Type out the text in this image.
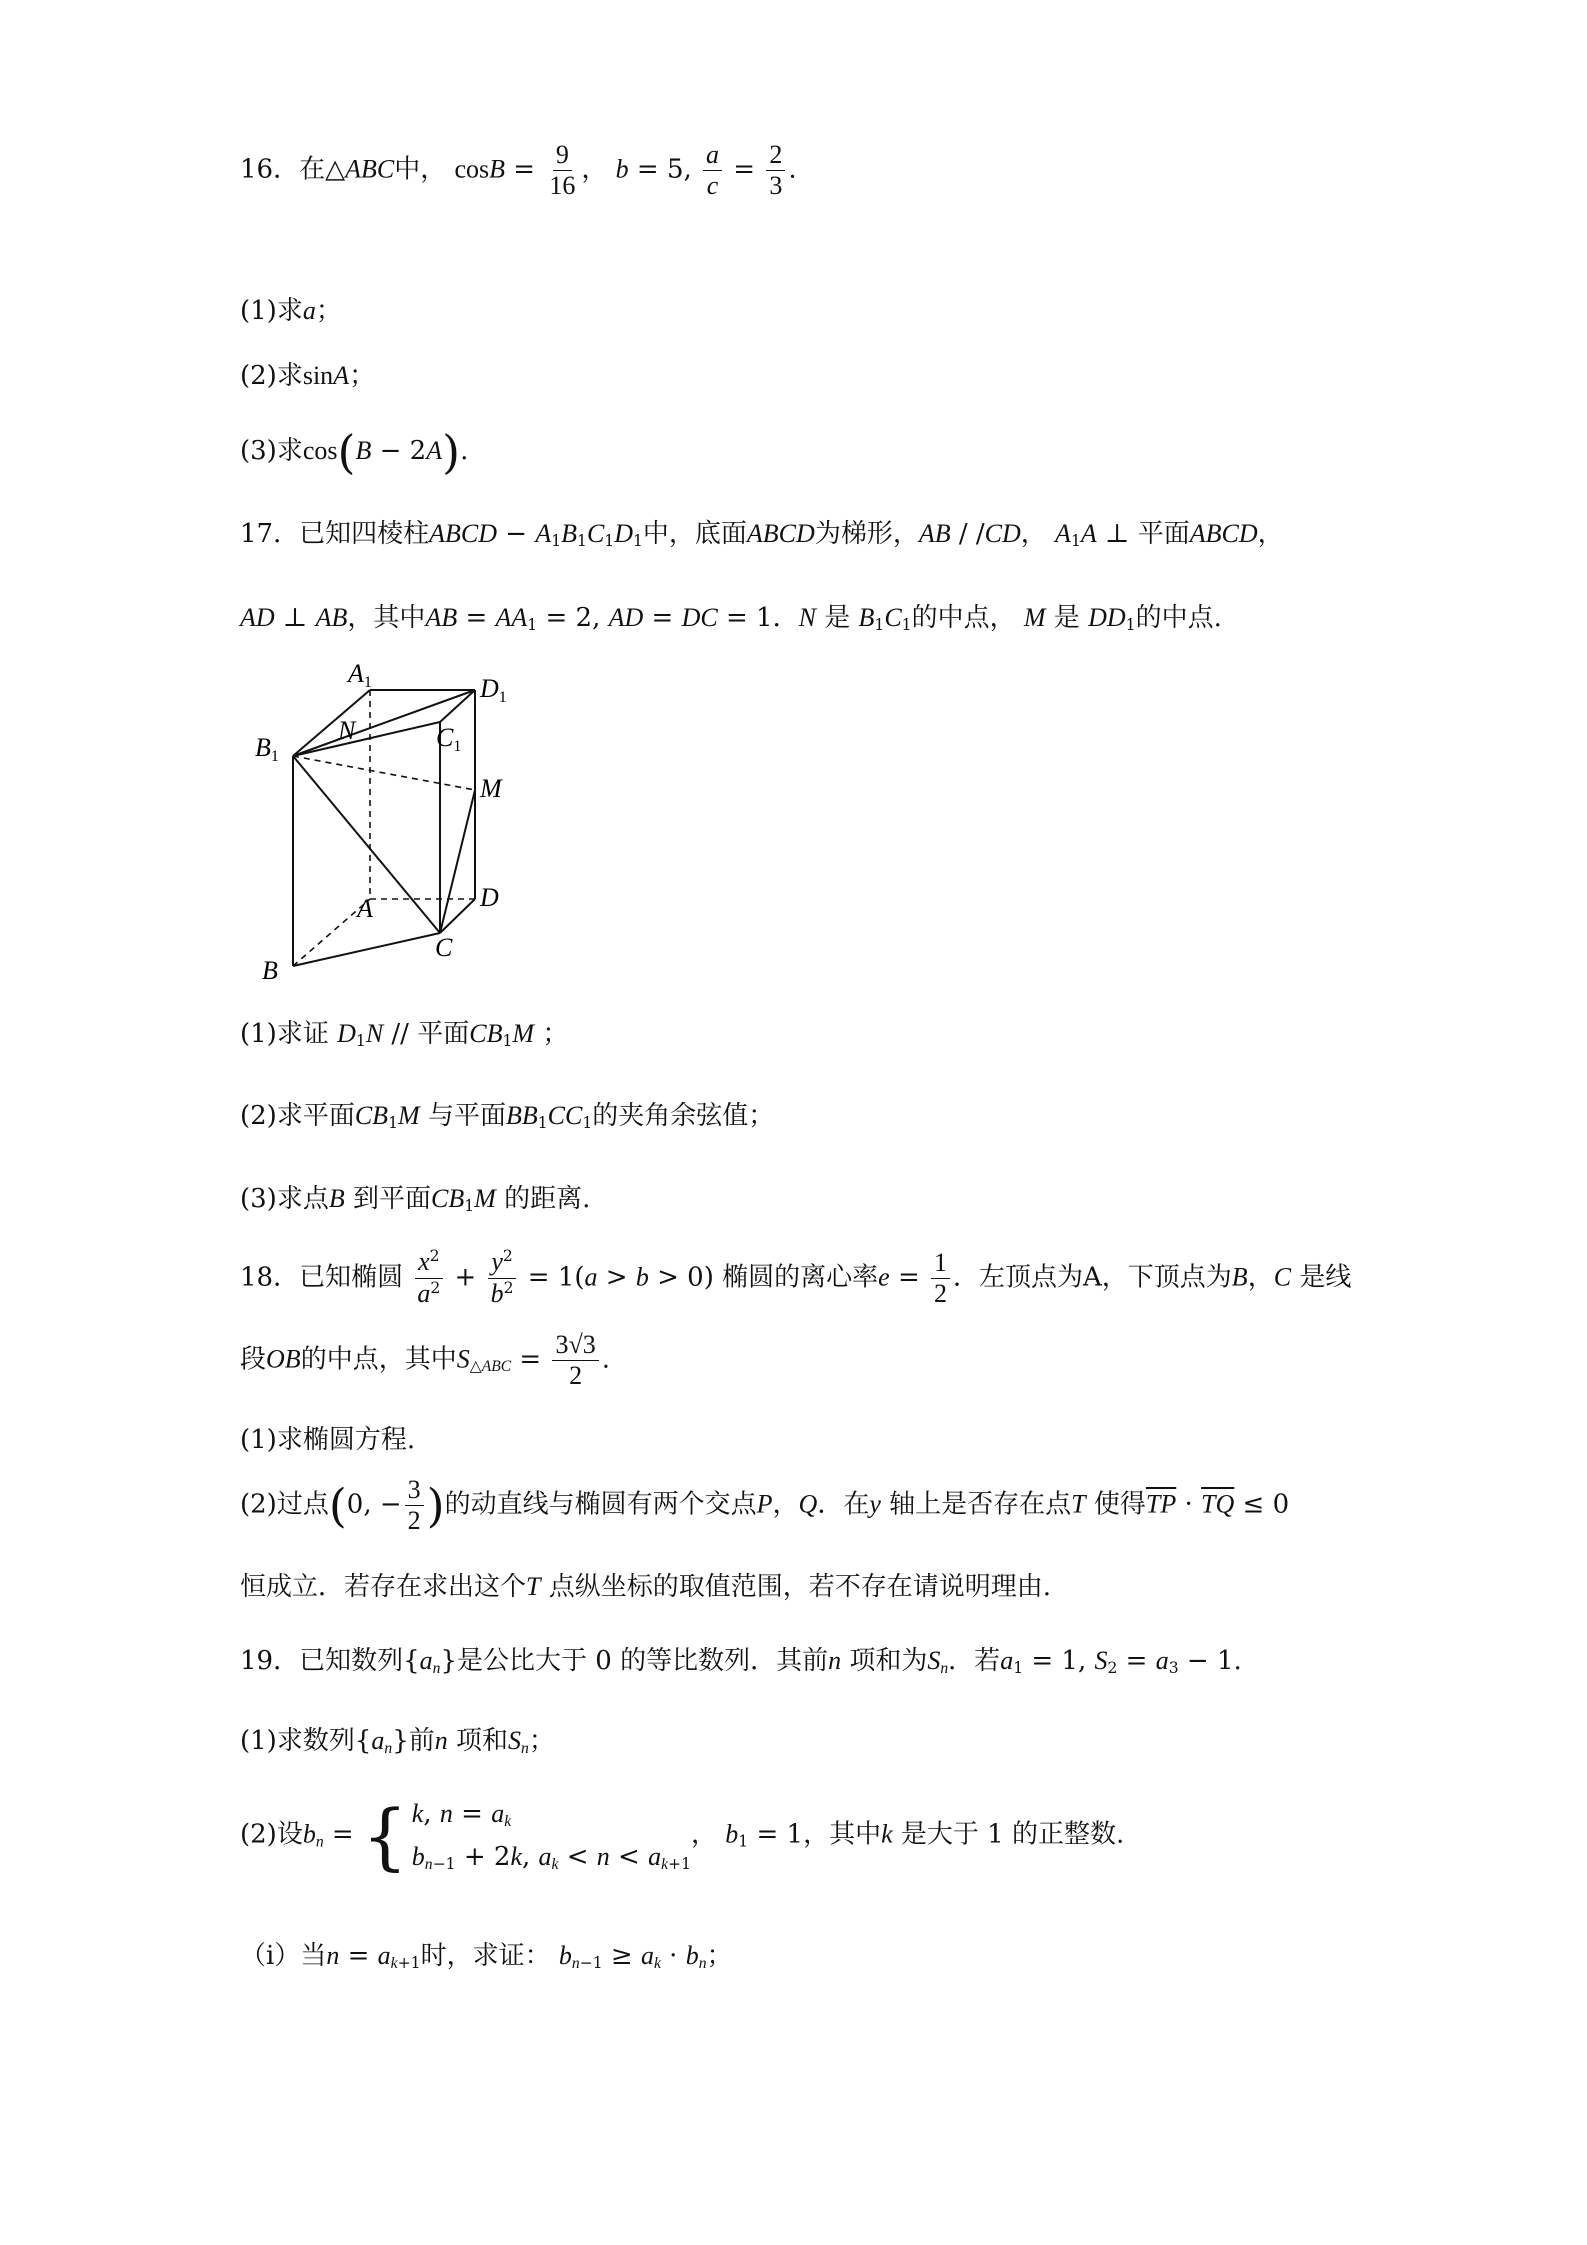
16．在△ABC中， $\cos B = \frac{9}{16}$ ， b = 5, $\frac{a}{c} = \frac{2}{3}$ .
(1)求a；
(2)求sinA；
(3)求cos(B − 2A).
17．已知四棱柱ABCD − $A_1B_1C_1D_1$中，底面ABCD为梯形，AB / /CD， $A_1A$ ⊥ 平面ABCD，
AD ⊥ AB，其中AB = $AA_1 = 2$, AD = DC = 1．N 是 $B_1C_1$的中点， M 是 $DD_1$的中点.
A1	D1
N	C1
B1
M
A	D
C
B
(1)求证 $D_1N$ // 平面$CB_1M$ ；
(2)求平面$CB_1M$ 与平面$BB_1CC_1$的夹角余弦值；
(3)求点B 到平面$CB_1M$ 的距离.
18．已知椭圆 $\frac{x^2}{a^2} + \frac{y^2}{b^2} = 1(a > b > 0)$ 椭圆的离心率$e = \frac{1}{2}$ ．左顶点为A，下顶点为B，C 是线
段OB的中点，其中$S_{\triangle ABC} = \frac{3√3}{2}$ .
(1)求椭圆方程.
(2)过点(0, − $\frac{3}{2}$ )的动直线与椭圆有两个交点P，Q．在y 轴上是否存在点T 使得$\overline{TP} \cdot \overline{TQ} \le 0$
恒成立．若存在求出这个T 点纵坐标的取值范围，若不存在请说明理由.
19．已知数列$\{a_n\}$是公比大于 0 的等比数列．其前n 项和为$S_n$．若$a_1 = 1$, $S_2 = a_3 - 1$.
(1)求数列$\{a_n\}$前n 项和$S_n$；
(2)设$b_n$ = { k, $n = a_k$
$b_{n-1} + 2k$, $a_k < n < a_{k+1}$
， $b_1 = 1$，其中k 是大于 1 的正整数.
（ⅰ）当$n = a_{k+1}$时，求证： $b_{n-1} \ge a_k \cdot b_n$；
